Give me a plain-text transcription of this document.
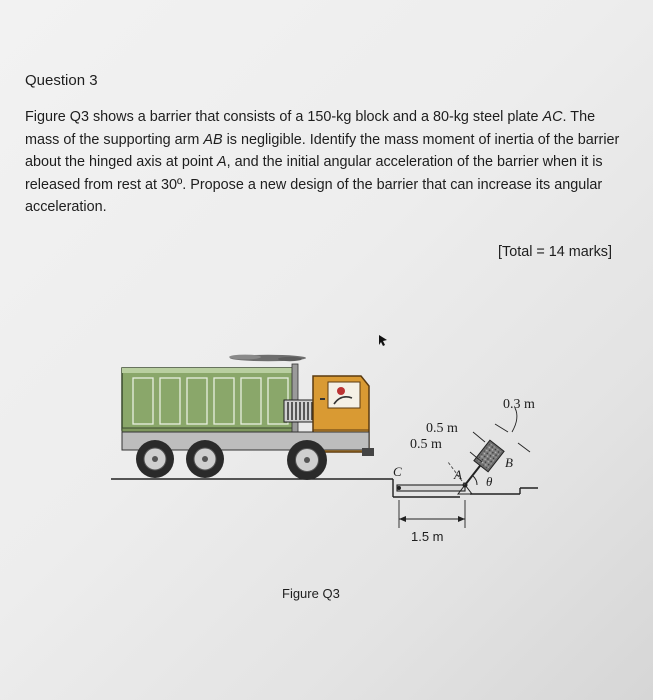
Question 3
Figure Q3 shows a barrier that consists of a 150-kg block and a 80-kg steel plate AC. The mass of the supporting arm AB is negligible. Identify the mass moment of inertia of the barrier about the hinged axis at point A, and the initial angular acceleration of the barrier when it is released from rest at 30º. Propose a new design of the barrier that can increase its angular acceleration.
[Total = 14 marks]
0.3 m
0.5 m
0.5 m
C	A
B
θ
1.5 m
Figure Q3
